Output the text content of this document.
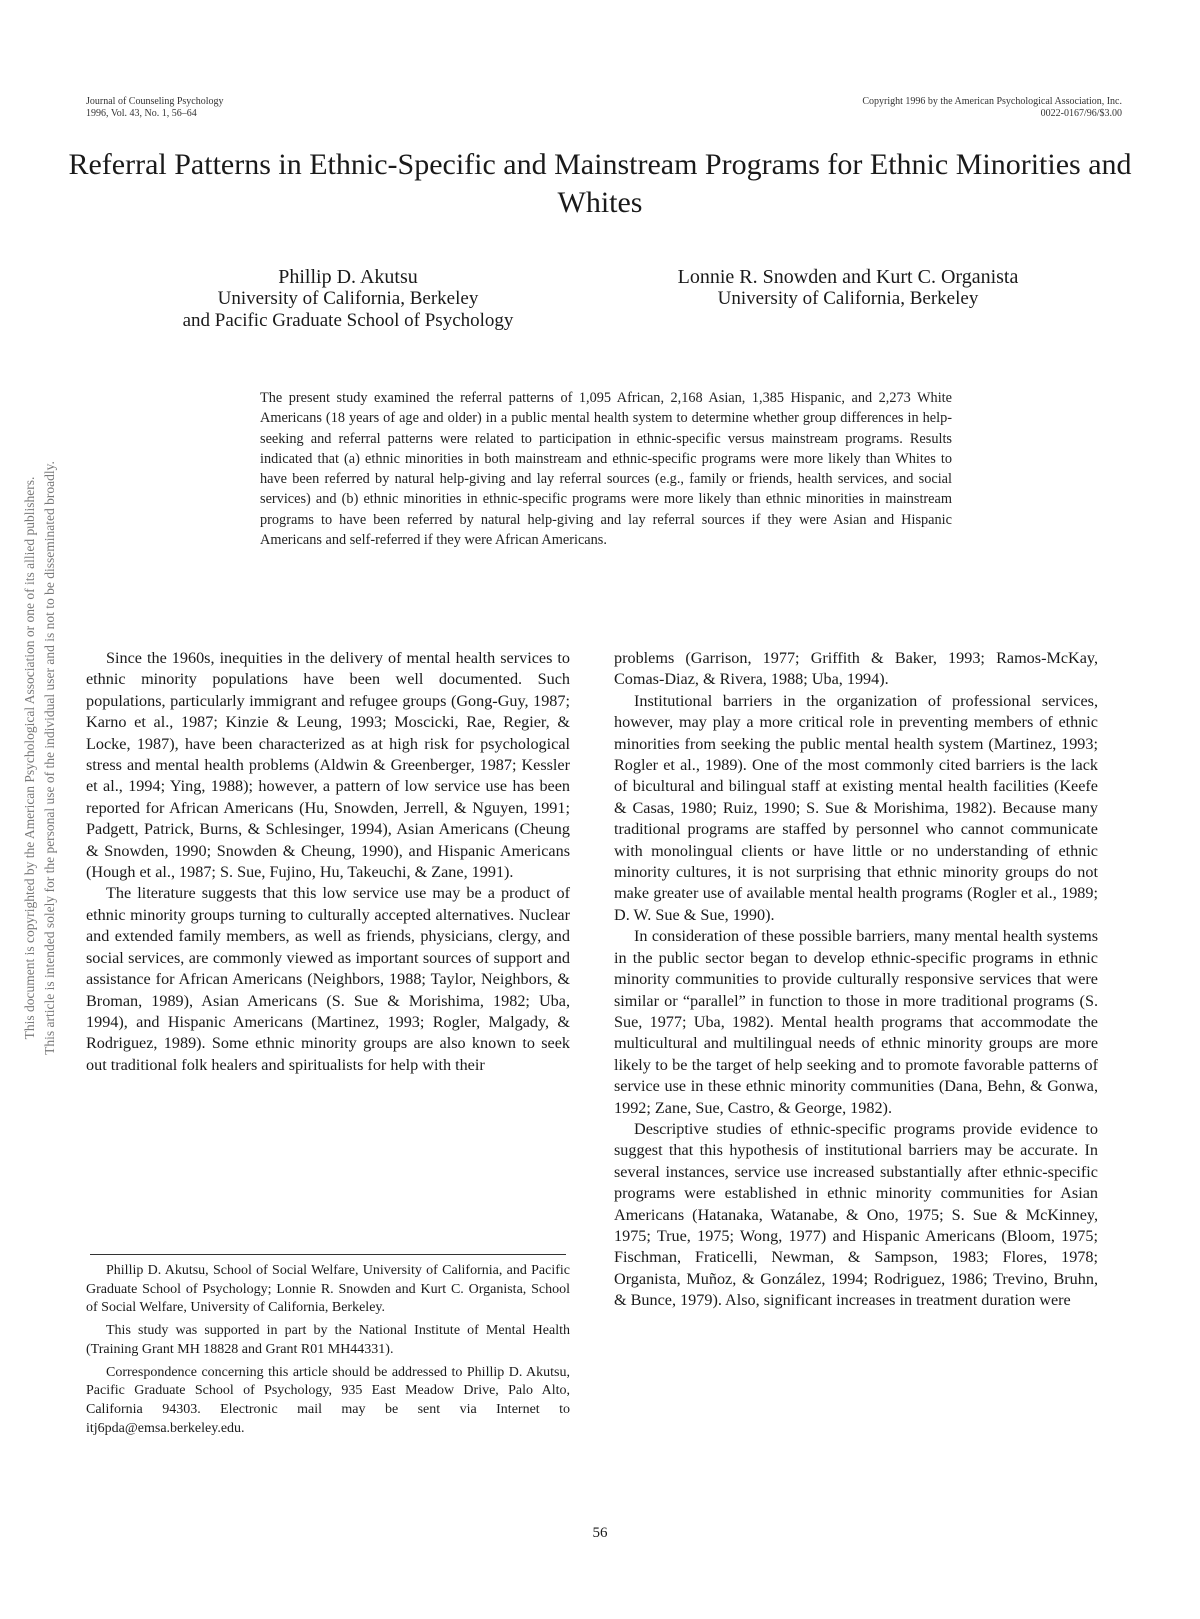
Journal of Counseling Psychology
1996, Vol. 43, No. 1, 56–64
Copyright 1996 by the American Psychological Association, Inc.
0022-0167/96/$3.00
Referral Patterns in Ethnic-Specific and Mainstream Programs for Ethnic Minorities and Whites
Phillip D. Akutsu
University of California, Berkeley
and Pacific Graduate School of Psychology
Lonnie R. Snowden and Kurt C. Organista
University of California, Berkeley
The present study examined the referral patterns of 1,095 African, 2,168 Asian, 1,385 Hispanic, and 2,273 White Americans (18 years of age and older) in a public mental health system to determine whether group differences in help-seeking and referral patterns were related to participation in ethnic-specific versus mainstream programs. Results indicated that (a) ethnic minorities in both mainstream and ethnic-specific programs were more likely than Whites to have been referred by natural help-giving and lay referral sources (e.g., family or friends, health services, and social services) and (b) ethnic minorities in ethnic-specific programs were more likely than ethnic minorities in mainstream programs to have been referred by natural help-giving and lay referral sources if they were Asian and Hispanic Americans and self-referred if they were African Americans.

Since the 1960s, inequities in the delivery of mental health services to ethnic minority populations have been well documented. Such populations, particularly immigrant and refugee groups (Gong-Guy, 1987; Karno et al., 1987; Kinzie & Leung, 1993; Moscicki, Rae, Regier, & Locke, 1987), have been characterized as at high risk for psychological stress and mental health problems (Aldwin & Greenberger, 1987; Kessler et al., 1994; Ying, 1988); however, a pattern of low service use has been reported for African Americans (Hu, Snowden, Jerrell, & Nguyen, 1991; Padgett, Patrick, Burns, & Schlesinger, 1994), Asian Americans (Cheung & Snowden, 1990; Snowden & Cheung, 1990), and Hispanic Americans (Hough et al., 1987; S. Sue, Fujino, Hu, Takeuchi, & Zane, 1991).

The literature suggests that this low service use may be a product of ethnic minority groups turning to culturally accepted alternatives. Nuclear and extended family members, as well as friends, physicians, clergy, and social services, are commonly viewed as important sources of support and assistance for African Americans (Neighbors, 1988; Taylor, Neighbors, & Broman, 1989), Asian Americans (S. Sue & Morishima, 1982; Uba, 1994), and Hispanic Americans (Martinez, 1993; Rogler, Malgady, & Rodriguez, 1989). Some ethnic minority groups are also known to seek out traditional folk healers and spiritualists for help with their

Phillip D. Akutsu, School of Social Welfare, University of California, and Pacific Graduate School of Psychology; Lonnie R. Snowden and Kurt C. Organista, School of Social Welfare, University of California, Berkeley.

This study was supported in part by the National Institute of Mental Health (Training Grant MH 18828 and Grant R01 MH44331).

Correspondence concerning this article should be addressed to Phillip D. Akutsu, Pacific Graduate School of Psychology, 935 East Meadow Drive, Palo Alto, California 94303. Electronic mail may be sent via Internet to itj6pda@emsa.berkeley.edu.

problems (Garrison, 1977; Griffith & Baker, 1993; Ramos-McKay, Comas-Diaz, & Rivera, 1988; Uba, 1994).

Institutional barriers in the organization of professional services, however, may play a more critical role in preventing members of ethnic minorities from seeking the public mental health system (Martinez, 1993; Rogler et al., 1989). One of the most commonly cited barriers is the lack of bicultural and bilingual staff at existing mental health facilities (Keefe & Casas, 1980; Ruiz, 1990; S. Sue & Morishima, 1982). Because many traditional programs are staffed by personnel who cannot communicate with monolingual clients or have little or no understanding of ethnic minority cultures, it is not surprising that ethnic minority groups do not make greater use of available mental health programs (Rogler et al., 1989; D. W. Sue & Sue, 1990).

In consideration of these possible barriers, many mental health systems in the public sector began to develop ethnic-specific programs in ethnic minority communities to provide culturally responsive services that were similar or “parallel” in function to those in more traditional programs (S. Sue, 1977; Uba, 1982). Mental health programs that accommodate the multicultural and multilingual needs of ethnic minority groups are more likely to be the target of help seeking and to promote favorable patterns of service use in these ethnic minority communities (Dana, Behn, & Gonwa, 1992; Zane, Sue, Castro, & George, 1982).

Descriptive studies of ethnic-specific programs provide evidence to suggest that this hypothesis of institutional barriers may be accurate. In several instances, service use increased substantially after ethnic-specific programs were established in ethnic minority communities for Asian Americans (Hatanaka, Watanabe, & Ono, 1975; S. Sue & McKinney, 1975; True, 1975; Wong, 1977) and Hispanic Americans (Bloom, 1975; Fischman, Fraticelli, Newman, & Sampson, 1983; Flores, 1978; Organista, Muñoz, & González, 1994; Rodriguez, 1986; Trevino, Bruhn, & Bunce, 1979). Also, significant increases in treatment duration were

56
This document is copyrighted by the American Psychological Association or one of its allied publishers. This article is intended solely for the personal use of the individual user and is not to be disseminated broadly.
